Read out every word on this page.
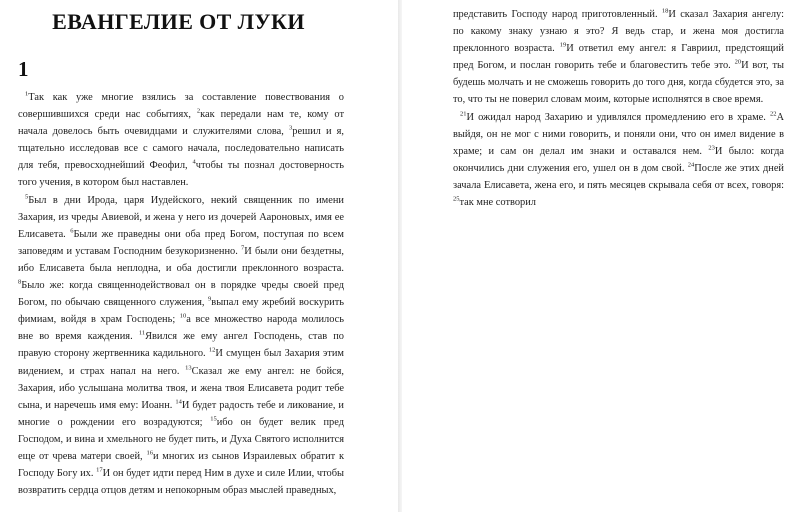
ЕВАНГЕЛИЕ ОТ ЛУКИ
1

$^1$Так как уже многие взялись за составление повествования о совершившихся среди нас событиях, $^2$как передали нам те, кому от начала довелось быть очевидцами и служителями слова, $^3$решил и я, тщательно исследовав все с самого начала, последовательно написать для тебя, превосходнейший Феофил, $^4$чтобы ты познал достоверность того учения, в котором был наставлен.

$^5$Был в дни Ирода, царя Иудейского, некий священник по имени Захария, из чреды Авиевой, и жена у него из дочерей Аароновых, имя ее Елисавета. $^6$Были же праведны они оба пред Богом, поступая по всем заповедям и уставам Господним безукоризненно. $^7$И были они бездетны, ибо Елисавета была неплодна, и оба достигли преклонного возраста. $^8$Было же: когда священнодействовал он в порядке чреды своей пред Богом, по обычаю священного служения, $^9$выпал ему жребий воскурить фимиам, войдя в храм Господень; $^{10}$а все множество народа молилось вне во время каждения. $^{11}$Явился же ему ангел Господень, став по правую сторону жертвенника кадильного. $^{12}$И смущен был Захария этим видением, и страх напал на него. $^{13}$Сказал же ему ангел: не бойся, Захария, ибо услышана молитва твоя, и жена твоя Елисавета родит тебе сына, и наречешь имя ему: Иоанн. $^{14}$И будет радость тебе и ликование, и многие о рождении его возрадуются; $^{15}$ибо он будет велик пред Господом, и вина и хмельного не будет пить, и Духа Святого исполнится еще от чрева матери своей, $^{16}$и многих из сынов Израилевых обратит к Господу Богу их. $^{17}$И он будет идти перед Ним в духе и силе Илии, чтобы возвратить сердца отцов детям и непокорным образ мыслей праведных,

представить Господу народ приготовленный. $^{18}$И сказал Захария ангелу: по какому знаку узнаю я это? Я ведь стар, и жена моя достигла преклонного возраста. $^{19}$И ответил ему ангел: я Гавриил, предстоящий пред Богом, и послан говорить тебе и благовестить тебе это. $^{20}$И вот, ты будешь молчать и не сможешь говорить до того дня, когда сбудется это, за то, что ты не поверил словам моим, которые исполнятся в свое время.

$^{21}$И ожидал народ Захарию и удивлялся промедлению его в храме. $^{22}$А выйдя, он не мог с ними говорить, и поняли они, что он имел видение в храме; и сам он делал им знаки и оставался нем. $^{23}$И было: когда окончились дни служения его, ушел он в дом свой. $^{24}$После же этих дней зачала Елисавета, жена его, и пять месяцев скрывала себя от всех, говоря: $^{25}$так мне сотворил
